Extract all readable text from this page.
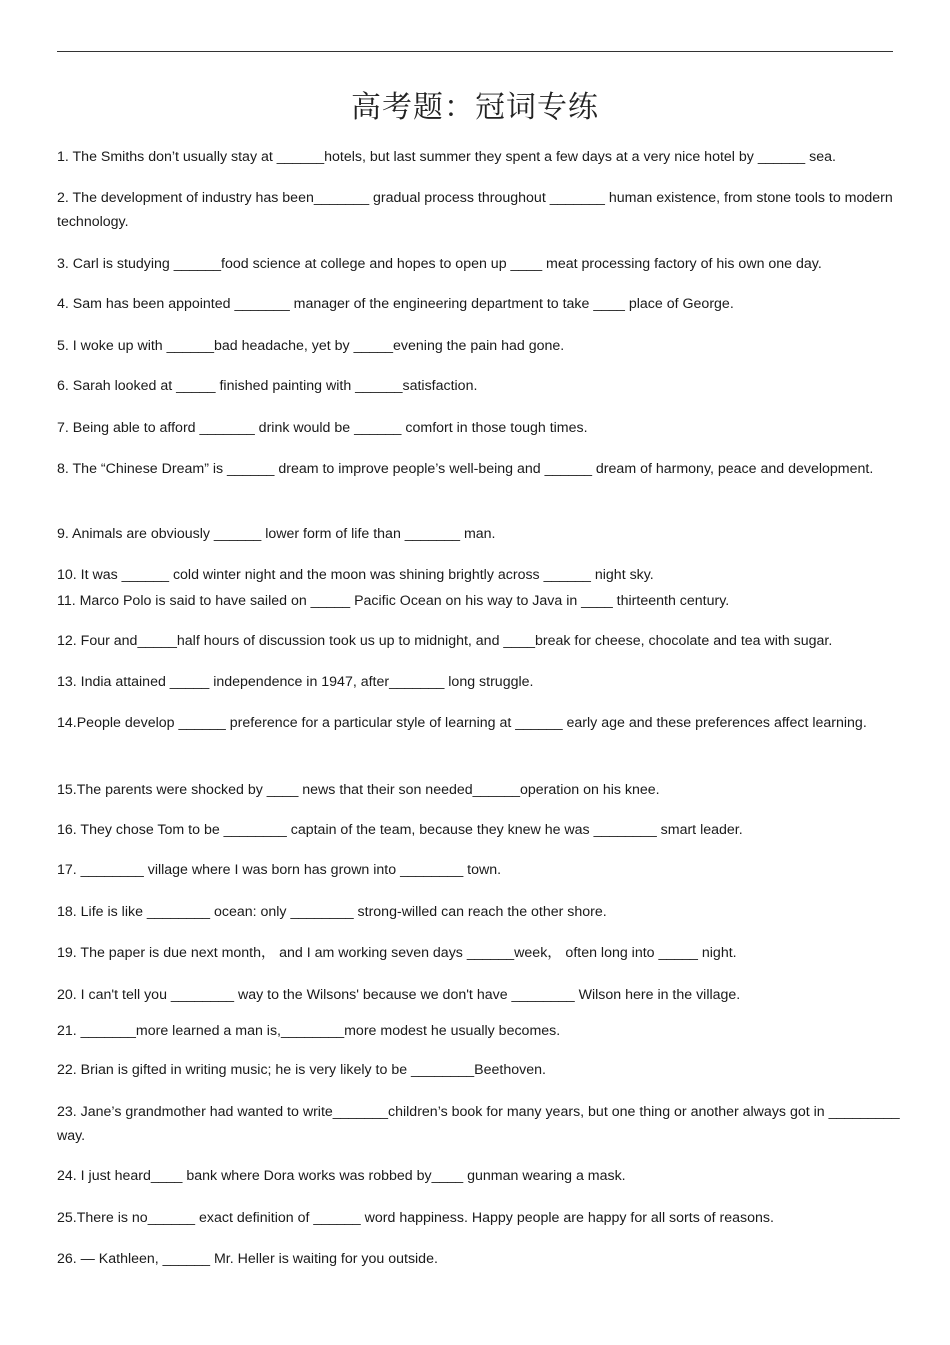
高考题：冠词专练
1. The Smiths don’t usually stay at ______hotels, but last summer they spent a few days at a very nice hotel by ______ sea.
2. The development of industry has been_______ gradual process throughout _______ human existence, from stone tools to modern technology.
3. Carl is studying ______food science at college and hopes to open up ____ meat processing factory of his own one day.
4. Sam has been appointed _______ manager of the engineering department to take ____ place of George.
5. I woke up with ______bad headache, yet by _____evening the pain had gone.
6. Sarah looked at _____ finished painting with ______satisfaction.
7. Being able to afford _______ drink would be ______ comfort in those tough times.
8. The “Chinese Dream” is ______ dream to improve people’s well-being and ______ dream of harmony, peace and development.
9. Animals are obviously ______ lower form of life than _______ man.
10. It was ______ cold winter night and the moon was shining brightly across ______ night sky.
11. Marco Polo is said to have sailed on _____ Pacific Ocean on his way to Java in ____ thirteenth century.
12. Four and_____half hours of discussion took us up to midnight, and ____break for cheese, chocolate and tea with sugar.
13. India attained _____ independence in 1947, after_______ long struggle.
14.People develop ______ preference for a particular style of learning at ______ early age and these preferences affect learning.
15.The parents were shocked by ____ news that their son needed______operation on his knee.
16. They chose Tom to be ________ captain of the team, because they knew he was ________ smart leader.
17. ________ village where I was born has grown into ________ town.
18. Life is like ________ ocean: only ________ strong-willed can reach the other shore.
19. The paper is due next month， and I am working seven days ______week， often long into _____ night.
20. I can't tell you ________ way to the Wilsons' because we don't have ________ Wilson here in the village.
21. _______more learned a man is,________more modest he usually becomes.
22. Brian is gifted in writing music; he is very likely to be ________Beethoven.
23. Jane’s grandmother had wanted to write_______children’s book for many years, but one thing or another always got in _________ way.
24. I just heard____ bank where Dora works was robbed by____ gunman wearing a mask.
25.There is no______ exact definition of ______ word happiness. Happy people are happy for all sorts of reasons.
26. — Kathleen, ______ Mr. Heller is waiting for you outside.
